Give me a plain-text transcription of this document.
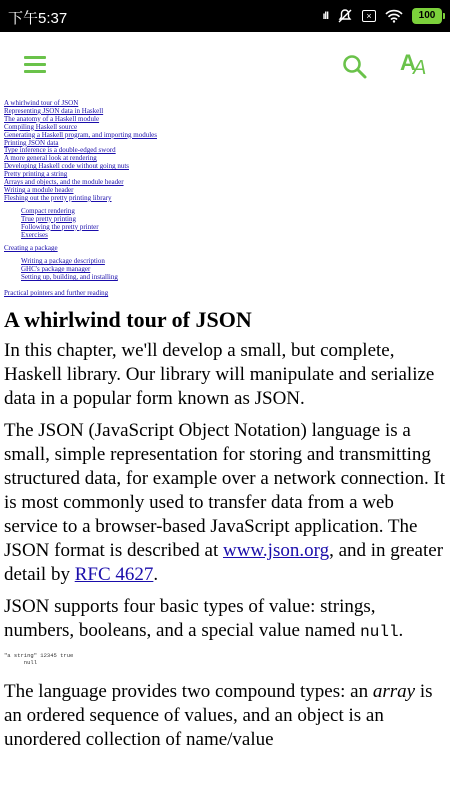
下午5:37	ıll	×	100
A
A
A whirlwind tour of JSON
Representing JSON data in Haskell
The anatomy of a Haskell module
Compiling Haskell source
Generating a Haskell program, and importing modules
Printing JSON data
Type inference is a double-edged sword
A more general look at rendering
Developing Haskell code without going nuts
Pretty printing a string
Arrays and objects, and the module header
Writing a module header
Fleshing out the pretty printing library
Compact rendering
True pretty printing
Following the pretty printer
Exercises
Creating a package
Writing a package description
GHC's package manager
Setting up, building, and installing
Practical pointers and further reading
A whirlwind tour of JSON

In this chapter, we'll develop a small, but complete, Haskell library. Our library will manipulate and serialize data in a popular form known as JSON.

The JSON (JavaScript Object Notation) language is a small, simple representation for storing and transmitting structured data, for example over a network connection. It is most commonly used to transfer data from a web service to a browser-based JavaScript application. The JSON format is described at www.json.org, and in greater detail by RFC 4627.

JSON supports four basic types of value: strings, numbers, booleans, and a special value named null.

"a string" 12345 true
null

The language provides two compound types: an array is an ordered sequence of values, and an object is an unordered collection of name/value
